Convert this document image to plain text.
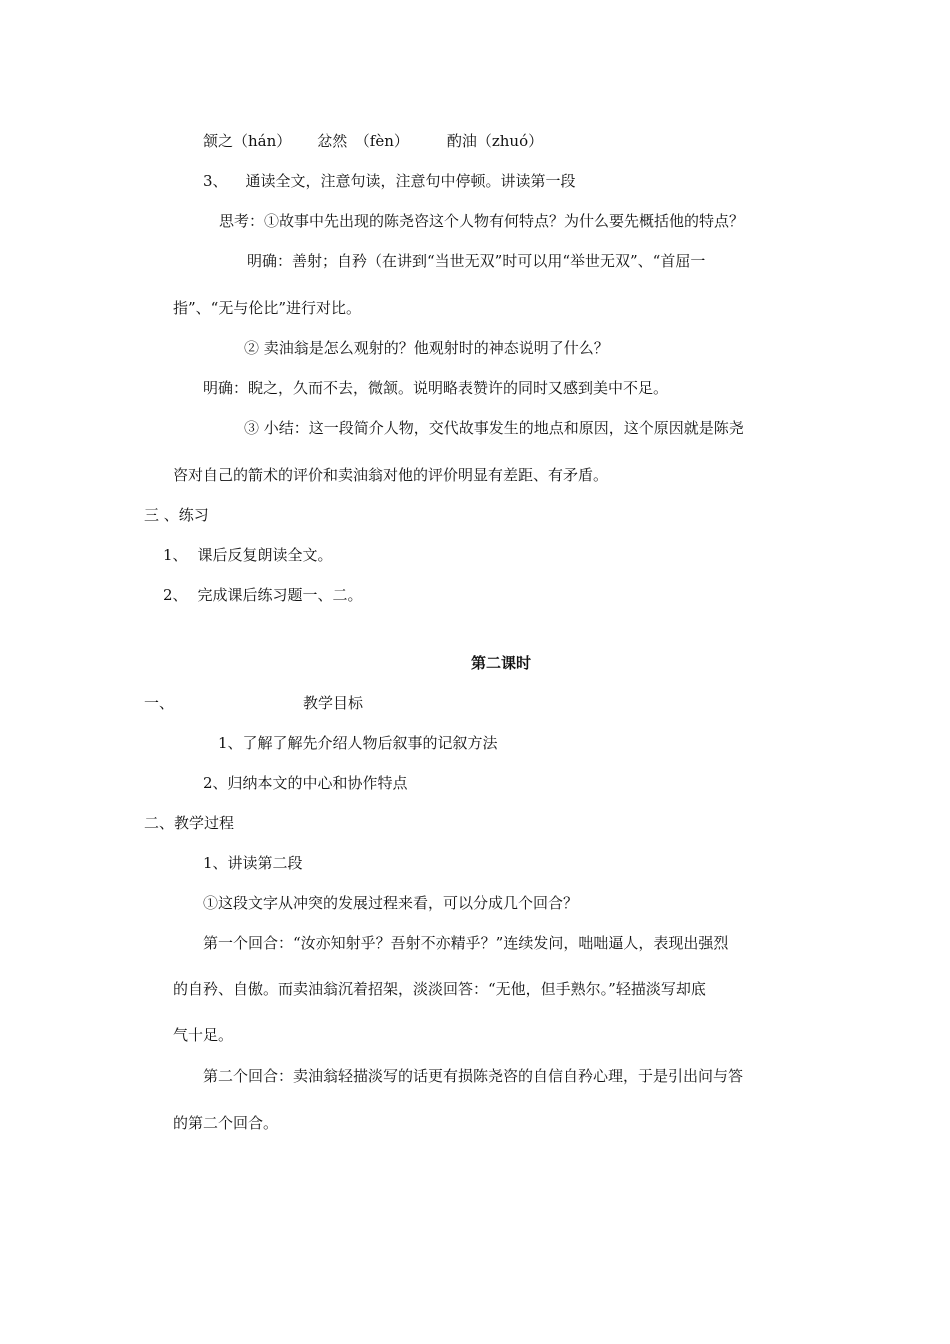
颔之（hán） 忿然　（fèn）	酌油（zhuó）
3、 通读全文，注意句读，注意句中停顿。讲读第一段
思考：①故事中先出现的陈尧咨这个人物有何特点？为什么要先概括他的特点？
明确：善射；自矜（在讲到“当世无双”时可以用“举世无双”、“首屈一
指”、“无与伦比”进行对比。
② 卖油翁是怎么观射的？他观射时的神态说明了什么？
明确：睨之，久而不去，微颔。说明略表赞许的同时又感到美中不足。
③ 小结：这一段简介人物，交代故事发生的地点和原因，这个原因就是陈尧
咨对自己的箭术的评价和卖油翁对他的评价明显有差距、有矛盾。
三 、练习
1、 课后反复朗读全文。
2、 完成课后练习题一、二。
第二课时
一、	教学目标
1、了解了解先介绍人物后叙事的记叙方法
2、归纳本文的中心和协作特点
二、教学过程
1、讲读第二段
①这段文字从冲突的发展过程来看，可以分成几个回合？
第一个回合：“汝亦知射乎？吾射不亦精乎？”连续发问，咄咄逼人，表现出强烈
的自矜、自傲。而卖油翁沉着招架，淡淡回答：“无他，但手熟尔。”轻描淡写却底
气十足。
第二个回合：卖油翁轻描淡写的话更有损陈尧咨的自信自矜心理，于是引出问与答
的第二个回合。
